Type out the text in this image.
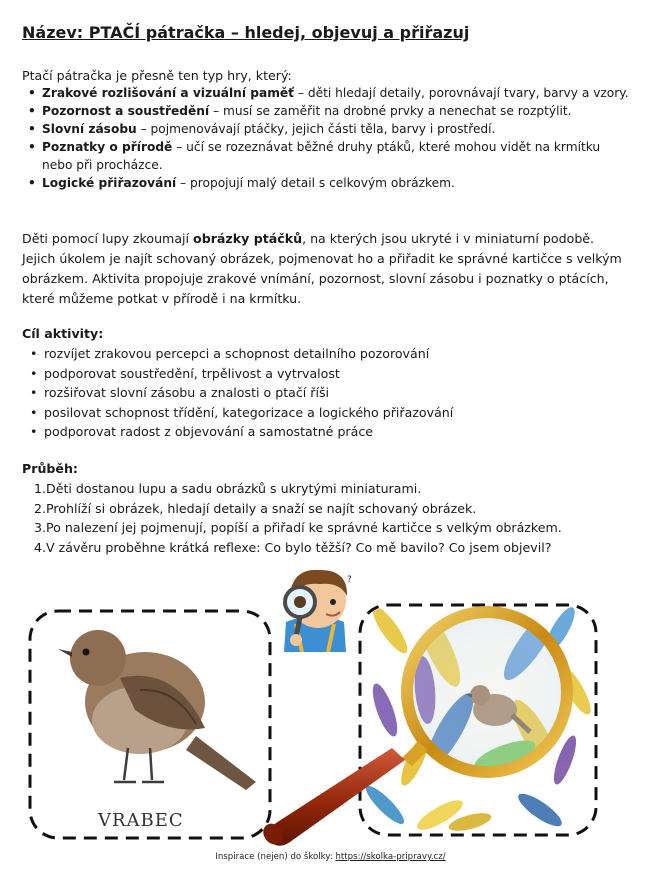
Název: PTAČÍ pátračka – hledej, objevuj a přiřazuj
Ptačí pátračka je přesně ten typ hry, který:
• Zrakové rozlišování a vizuální paměť – děti hledají detaily, porovnávají tvary, barvy a vzory.
• Pozornost a soustředění – musí se zaměřit na drobné prvky a nenechat se rozptýlit.
• Slovní zásobu – pojmenovávají ptáčky, jejich části těla, barvy i prostředí.
• Poznatky o přírodě – učí se rozeznávat běžné druhy ptáků, které mohou vidět na krmítku nebo při procházce.
• Logické přiřazování – propojují malý detail s celkovým obrázkem.
Děti pomocí lupy zkoumají obrázky ptáčků, na kterých jsou ukryté i v miniaturní podobě. Jejich úkolem je najít schovaný obrázek, pojmenovat ho a přiřadit ke správné kartičce s velkým obrázkem. Aktivita propojuje zrakové vnímání, pozornost, slovní zásobu i poznatky o ptácích, které můžeme potkat v přírodě i na krmítku.
Cíl aktivity:
• rozvíjet zrakovou percepci a schopnost detailního pozorování
• podporovat soustředění, trpělivost a vytrvalost
• rozšiřovat slovní zásobu a znalosti o ptačí říši
• posilovat schopnost třídění, kategorizace a logického přiřazování
• podporovat radost z objevování a samostatné práce
Průběh:
1.Děti dostanou lupu a sadu obrázků s ukrytými miniaturami.
2.Prohlíží si obrázek, hledají detaily a snaží se najít schovaný obrázek.
3.Po nalezení jej pojmenují, popíší a přiřadí ke správné kartičce s velkým obrázkem.
4.V závěru proběhne krátká reflexe: Co bylo těžší? Co mě bavilo? Co jsem objevil?
VRABEC
?
Inspirace (nejen) do školky: https://skolka-pripravy.cz/
